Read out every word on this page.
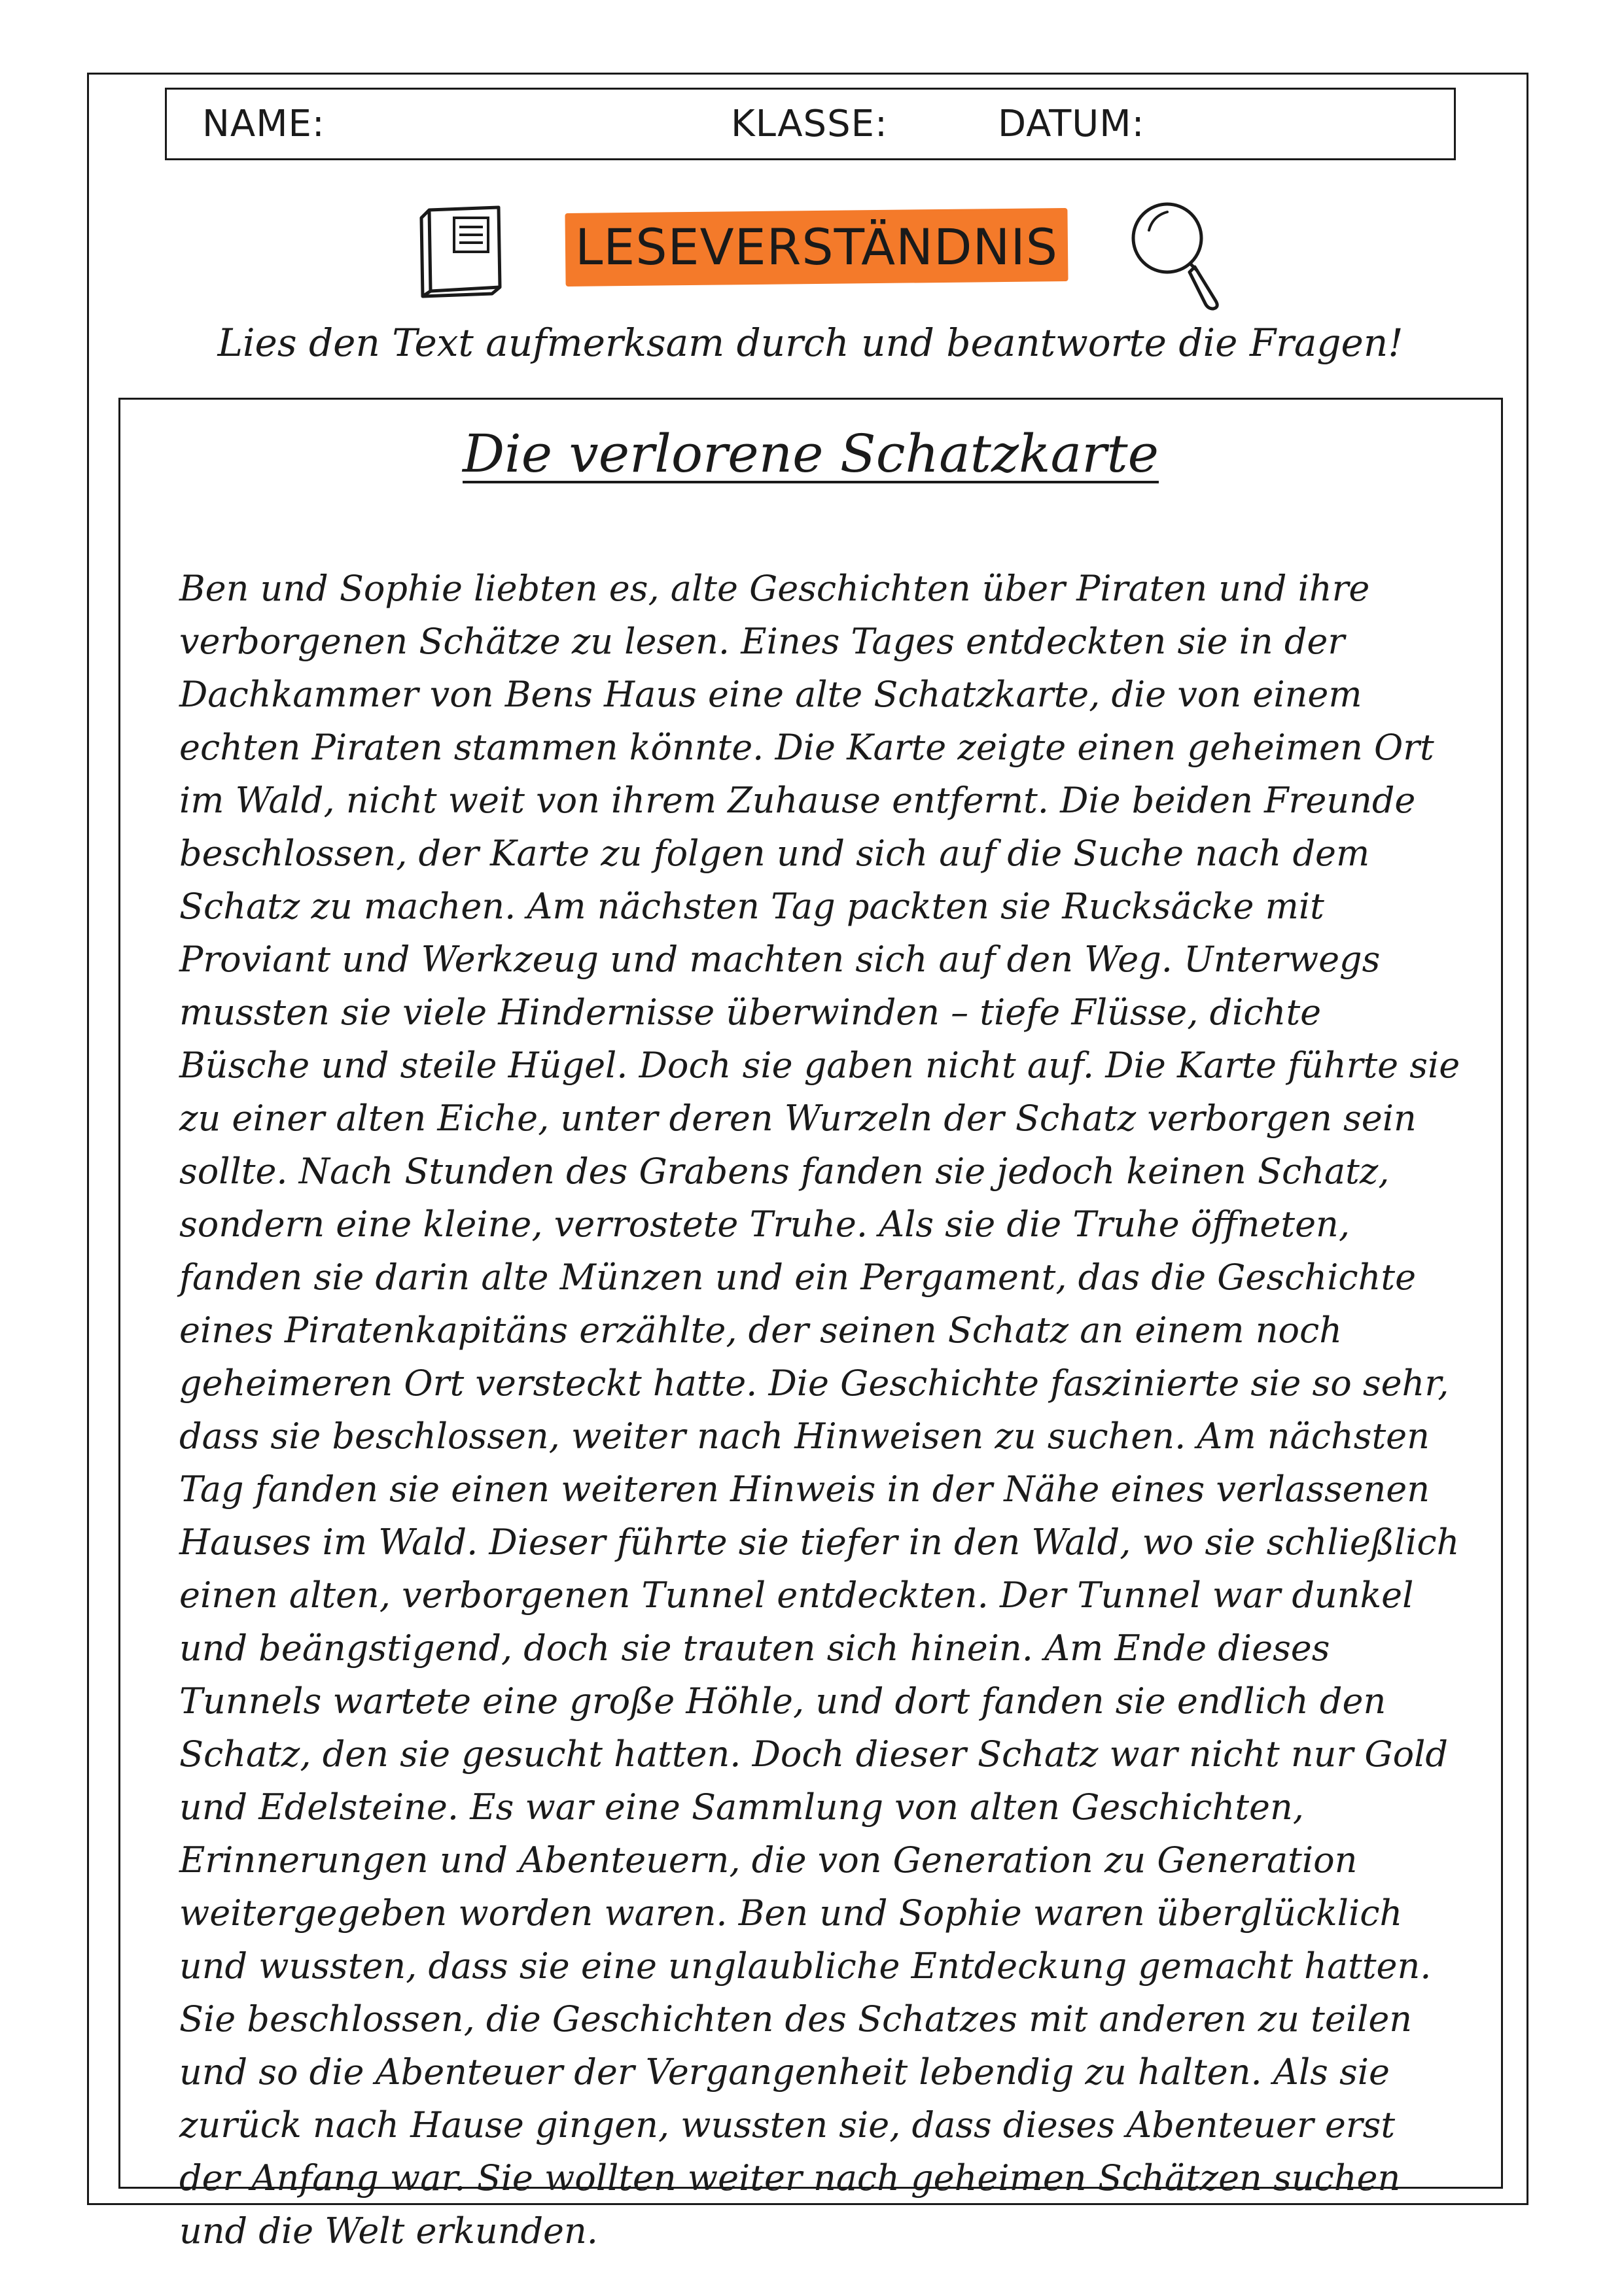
NAME:	KLASSE:	DATUM:
LESEVERSTÄNDNIS
Lies den Text aufmerksam durch und beantworte die Fragen!
Die verlorene Schatzkarte

Ben und Sophie liebten es, alte Geschichten über Piraten und ihre verborgenen Schätze zu lesen. Eines Tages entdeckten sie in der Dachkammer von Bens Haus eine alte Schatzkarte, die von einem echten Piraten stammen könnte. Die Karte zeigte einen geheimen Ort im Wald, nicht weit von ihrem Zuhause entfernt. Die beiden Freunde beschlossen, der Karte zu folgen und sich auf die Suche nach dem Schatz zu machen. Am nächsten Tag packten sie Rucksäcke mit Proviant und Werkzeug und machten sich auf den Weg. Unterwegs mussten sie viele Hindernisse überwinden – tiefe Flüsse, dichte Büsche und steile Hügel. Doch sie gaben nicht auf. Die Karte führte sie zu einer alten Eiche, unter deren Wurzeln der Schatz verborgen sein sollte. Nach Stunden des Grabens fanden sie jedoch keinen Schatz, sondern eine kleine, verrostete Truhe. Als sie die Truhe öffneten, fanden sie darin alte Münzen und ein Pergament, das die Geschichte eines Piratenkapitäns erzählte, der seinen Schatz an einem noch geheimeren Ort versteckt hatte. Die Geschichte faszinierte sie so sehr, dass sie beschlossen, weiter nach Hinweisen zu suchen. Am nächsten Tag fanden sie einen weiteren Hinweis in der Nähe eines verlassenen Hauses im Wald. Dieser führte sie tiefer in den Wald, wo sie schließlich einen alten, verborgenen Tunnel entdeckten. Der Tunnel war dunkel und beängstigend, doch sie trauten sich hinein. Am Ende dieses Tunnels wartete eine große Höhle, und dort fanden sie endlich den Schatz, den sie gesucht hatten. Doch dieser Schatz war nicht nur Gold und Edelsteine. Es war eine Sammlung von alten Geschichten, Erinnerungen und Abenteuern, die von Generation zu Generation weitergegeben worden waren. Ben und Sophie waren überglücklich und wussten, dass sie eine unglaubliche Entdeckung gemacht hatten. Sie beschlossen, die Geschichten des Schatzes mit anderen zu teilen und so die Abenteuer der Vergangenheit lebendig zu halten. Als sie zurück nach Hause gingen, wussten sie, dass dieses Abenteuer erst der Anfang war. Sie wollten weiter nach geheimen Schätzen suchen und die Welt erkunden.
